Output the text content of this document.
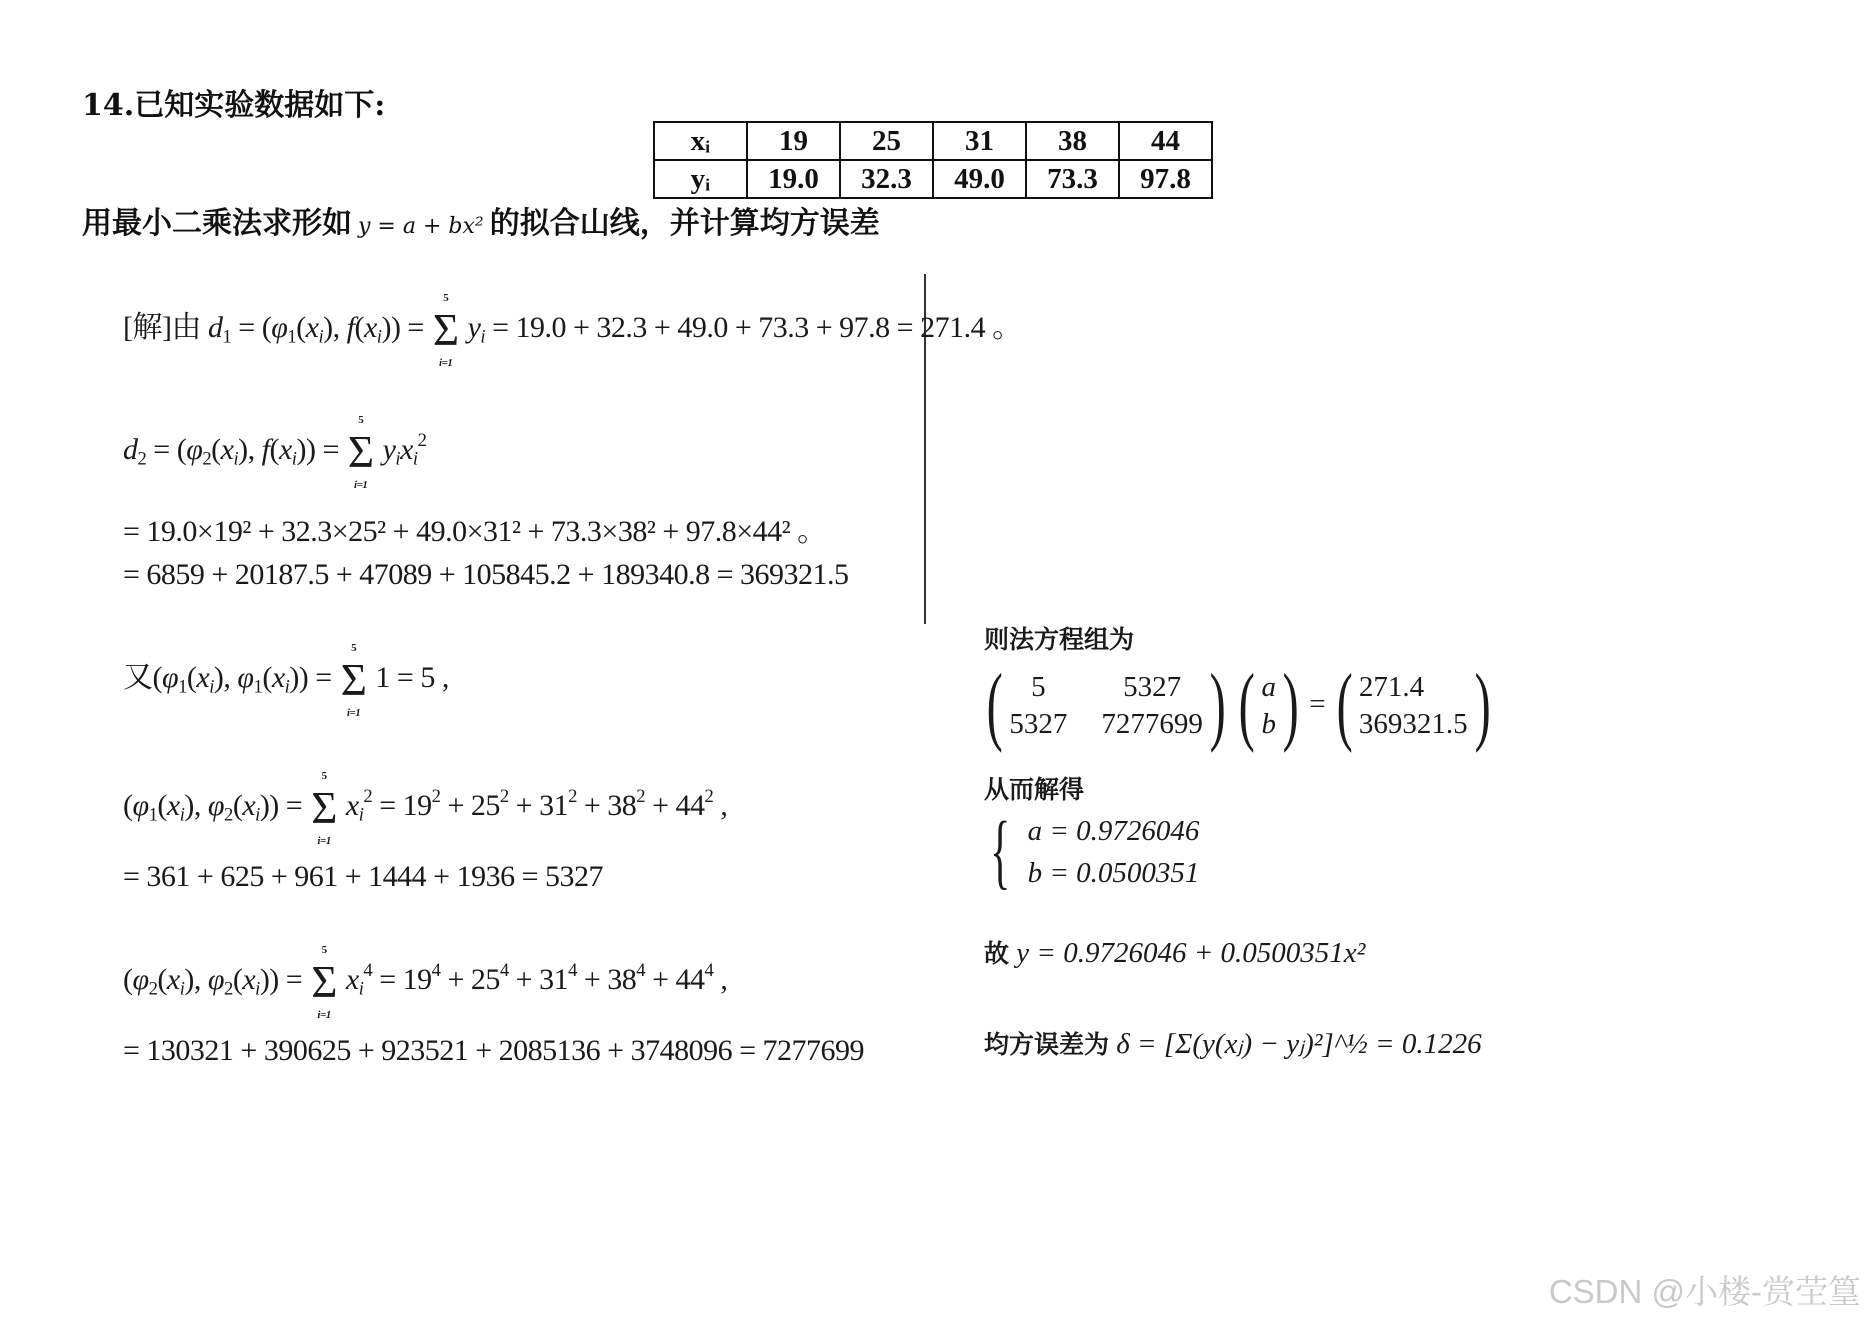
14.已知实验数据如下:
xᵢ	19	25	31	38	44
yᵢ	19.0	32.3	49.0	73.3	97.8
用最小二乘法求形如 y = a + bx² 的拟合山线，并计算均方误差
[解]由 $d_1 = (\varphi_1(x_i)$, $f(x_i)) = \Sigma$
5
i=1
$y_i = 19.0 + 32.3 + 49.0 + 73.3 + 97.8 = 271.4$ 。
$d_2 = (\varphi_2(x_i)$, $f(x_i)) = \Sigma$
5
i=1
$y_ix_i^2$
= 19.0×19² + 32.3×25² + 49.0×31² + 73.3×38² + 97.8×44² 。
= 6859 + 20187.5 + 47089 + 105845.2 + 189340.8 = 369321.5
又($\varphi_1(x_i)$, $\varphi_1(x_i)) = \Sigma$
5
i=1
1 = 5 ,
($\varphi_1(x_i)$, $\varphi_2(x_i)) = \Sigma$
5
i=1
$x_i^2 = 19^2 + 25^2 + 31^2 + 38^2 + 44^2$ ,
= 361 + 625 + 961 + 1444 + 1936 = 5327
($\varphi_2(x_i)$, $\varphi_2(x_i)) = \Sigma$
5
i=1
$x_i^4 = 19^4 + 25^4 + 31^4 + 38^4 + 44^4$ ,
= 130321 + 390625 + 923521 + 2085136 + 3748096 = 7277699
则法方程组为
( 5	5327
5327 7277699 ) ( a
b ) = ( 271.4
369321.5 )
从而解得
{ a = 0.9726046
b = 0.0500351
故 y = 0.9726046 + 0.0500351x²
均方误差为 δ = [Σ(y(xⱼ) − yⱼ)²]^½ = 0.1226
CSDN @小楼-赏茔篁
